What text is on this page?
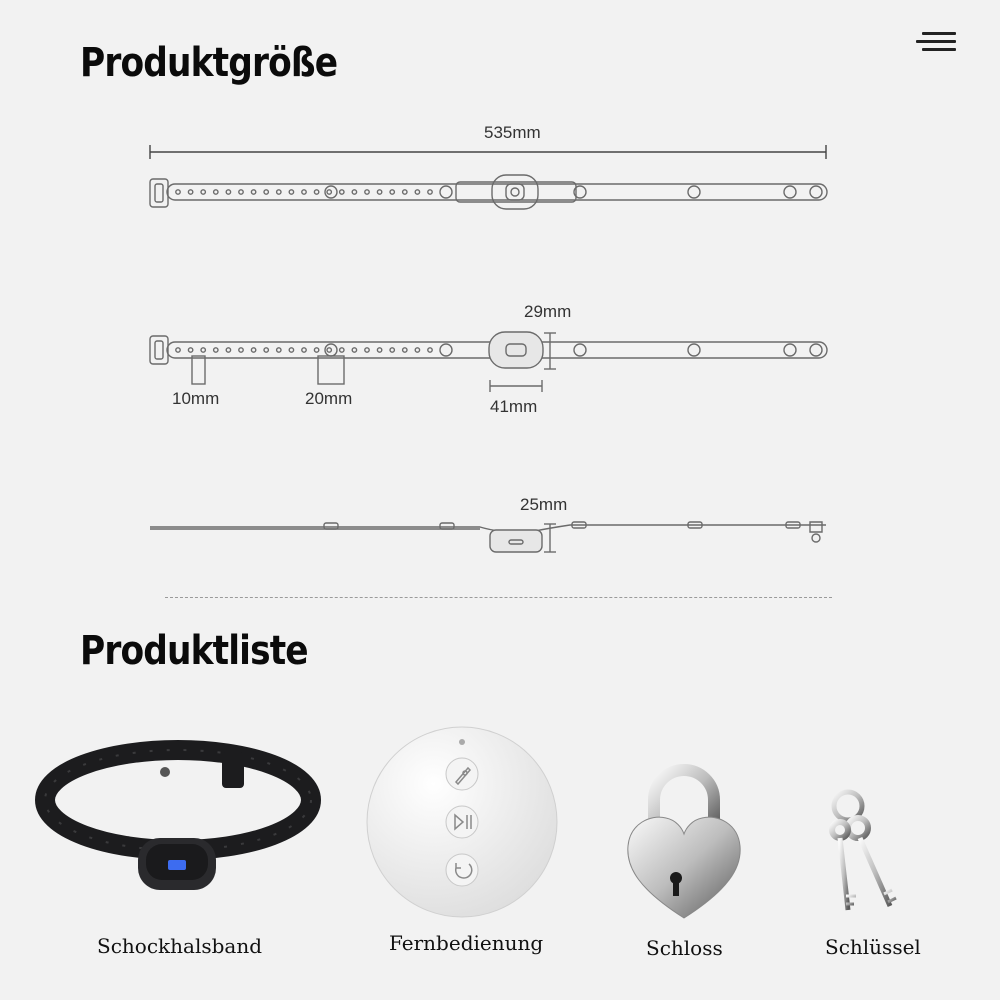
Produktgröße
535mm
29mm
10mm	20mm	41mm
25mm
Produktliste
Schockhalsband	Fernbedienung	Schloss	Schlüssel
